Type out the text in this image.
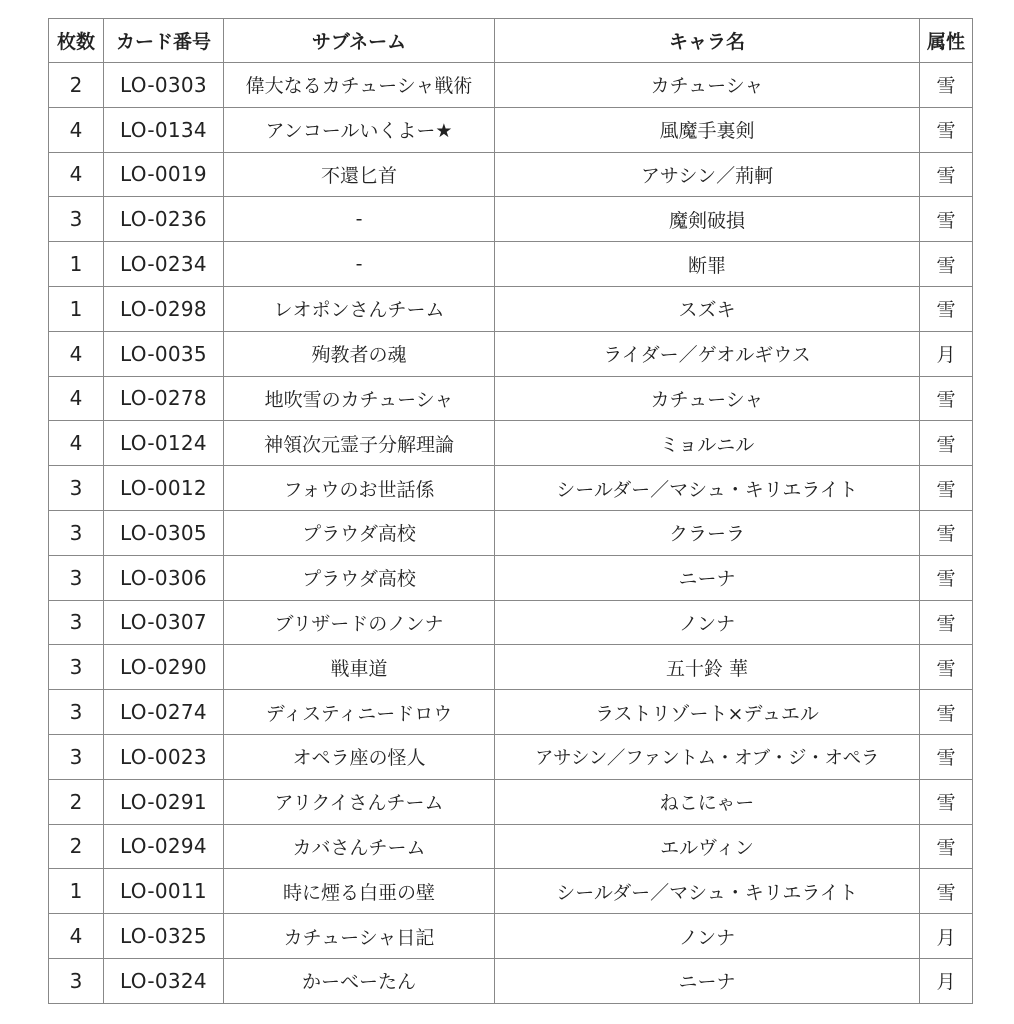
枚数	カード番号	サブネーム	キャラ名	属性
2	LO-0303	偉大なるカチューシャ戦術	カチューシャ	雪
4	LO-0134	アンコールいくよー★	風魔手裏剣	雪
4	LO-0019	不還匕首	アサシン／荊軻	雪
3	LO-0236	-	魔剣破損	雪
1	LO-0234	-	断罪	雪
1	LO-0298	レオポンさんチーム	スズキ	雪
4	LO-0035	殉教者の魂	ライダー／ゲオルギウス	月
4	LO-0278	地吹雪のカチューシャ	カチューシャ	雪
4	LO-0124	神領次元霊子分解理論	ミョルニル	雪
3	LO-0012	フォウのお世話係	シールダー／マシュ・キリエライト	雪
3	LO-0305	プラウダ高校	クラーラ	雪
3	LO-0306	プラウダ高校	ニーナ	雪
3	LO-0307	ブリザードのノンナ	ノンナ	雪
3	LO-0290	戦車道	五十鈴 華	雪
3	LO-0274	ディスティニードロウ	ラストリゾート×デュエル	雪
3	LO-0023	オペラ座の怪人	アサシン／ファントム・オブ・ジ・オペラ	雪
2	LO-0291	アリクイさんチーム	ねこにゃー	雪
2	LO-0294	カバさんチーム	エルヴィン	雪
1	LO-0011	時に煙る白亜の壁	シールダー／マシュ・キリエライト	雪
4	LO-0325	カチューシャ日記	ノンナ	月
3	LO-0324	かーべーたん	ニーナ	月
